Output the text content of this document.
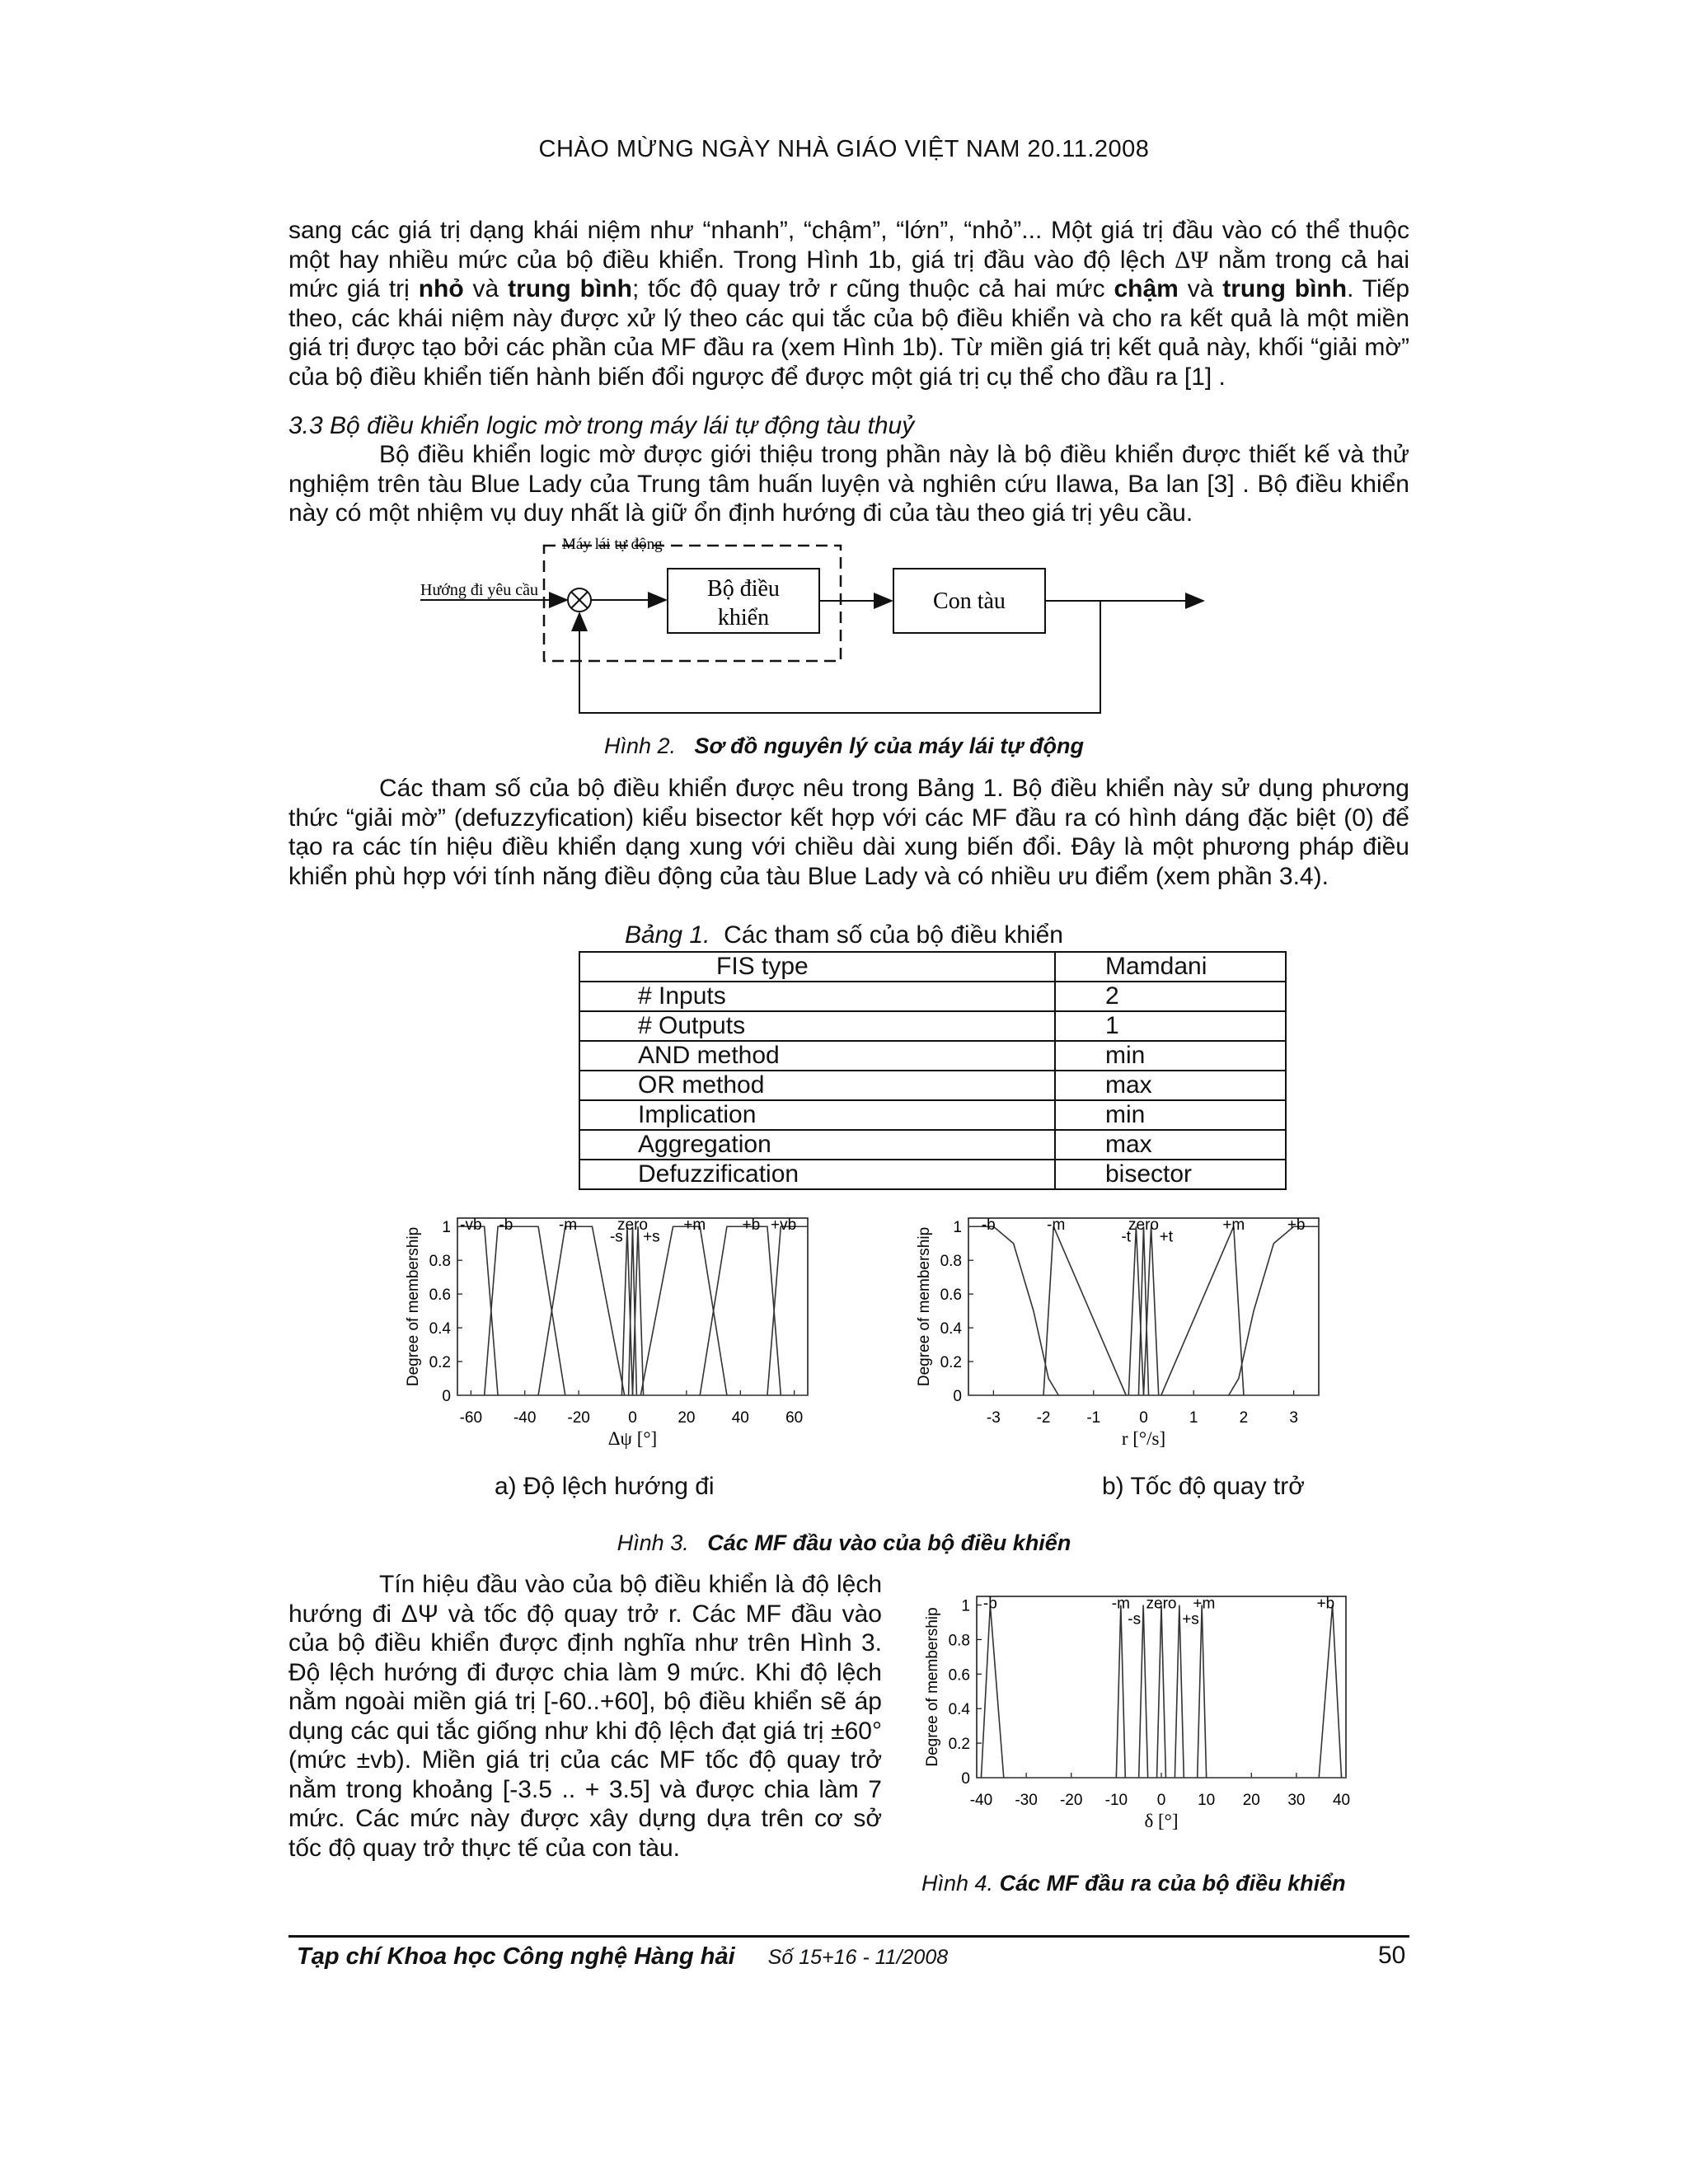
CHÀO MỪNG NGÀY NHÀ GIÁO VIỆT NAM 20.11.2008

sang các giá trị dạng khái niệm như “nhanh”, “chậm”, “lớn”, “nhỏ”... Một giá trị đầu vào có thể thuộc một hay nhiều mức của bộ điều khiển. Trong Hình 1b, giá trị đầu vào độ lệch ΔΨ nằm trong cả hai mức giá trị nhỏ và trung bình; tốc độ quay trở r cũng thuộc cả hai mức chậm và trung bình. Tiếp theo, các khái niệm này được xử lý theo các qui tắc của bộ điều khiển và cho ra kết quả là một miền giá trị được tạo bởi các phần của MF đầu ra (xem Hình 1b). Từ miền giá trị kết quả này, khối “giải mờ” của bộ điều khiển tiến hành biến đổi ngược để được một giá trị cụ thể cho đầu ra [1] .

3.3 Bộ điều khiển logic mờ trong máy lái tự động tàu thuỷ

Bộ điều khiển logic mờ được giới thiệu trong phần này là bộ điều khiển được thiết kế và thử nghiệm trên tàu Blue Lady của Trung tâm huấn luyện và nghiên cứu Ilawa, Ba lan [3] . Bộ điều khiển này có một nhiệm vụ duy nhất là giữ ổn định hướng đi của tàu theo giá trị yêu cầu.

Máy lái tự động
Hướng đi yêu cầu	Bộ điều
khiển
Con tàu
Hình 2. Sơ đồ nguyên lý của máy lái tự động

Các tham số của bộ điều khiển được nêu trong Bảng 1. Bộ điều khiển này sử dụng phương thức “giải mờ” (defuzzyfication) kiểu bisector kết hợp với các MF đầu ra có hình dáng đặc biệt (0) để tạo ra các tín hiệu điều khiển dạng xung với chiều dài xung biến đổi. Đây là một phương pháp điều khiển phù hợp với tính năng điều động của tàu Blue Lady và có nhiều ưu điểm (xem phần 3.4).

Bảng 1. Các tham số của bộ điều khiển
FIS type	Mamdani
# Inputs	2
# Outputs	1
AND method	min
OR method	max
Implication	min
Aggregation	max
Defuzzification	bisector
0
0.2
0.4
0.6
0.8
1
-60 -40 -20 0	20 40 60
-vb -b	-m	zero +m +b +vb
-s +s
Degree of membership
Δψ [°]
0
0.2
0.4
0.6
0.8
1
-3 -2 -1 0	1	2	3
-b	-m	zero	+m	+b
-t +t
Degree of membership
r [°/s]
a) Độ lệch hướng đi	b) Tốc độ quay trở
Hình 3. Các MF đầu vào của bộ điều khiển

Tín hiệu đầu vào của bộ điều khiển là độ lệch hướng đi ΔΨ và tốc độ quay trở r. Các MF đầu vào của bộ điều khiển được định nghĩa như trên Hình 3. Độ lệch hướng đi được chia làm 9 mức. Khi độ lệch nằm ngoài miền giá trị [-60..+60], bộ điều khiển sẽ áp dụng các qui tắc giống như khi độ lệch đạt giá trị ±60° (mức ±vb). Miền giá trị của các MF tốc độ quay trở nằm trong khoảng [-3.5 .. + 3.5] và được chia làm 7 mức. Các mức này được xây dựng dựa trên cơ sở tốc độ quay trở thực tế của con tàu.

0
0.2
0.4
0.6
0.8
1
-40 -30 -20 -10 0 10 20 30 40
-b	-m zero +m	+b
-s	+s
Degree of membership
δ [°]
Hình 4. Các MF đầu ra của bộ điều khiển
Tạp chí Khoa học Công nghệ Hàng hải Số 15+16 - 11/2008	50
